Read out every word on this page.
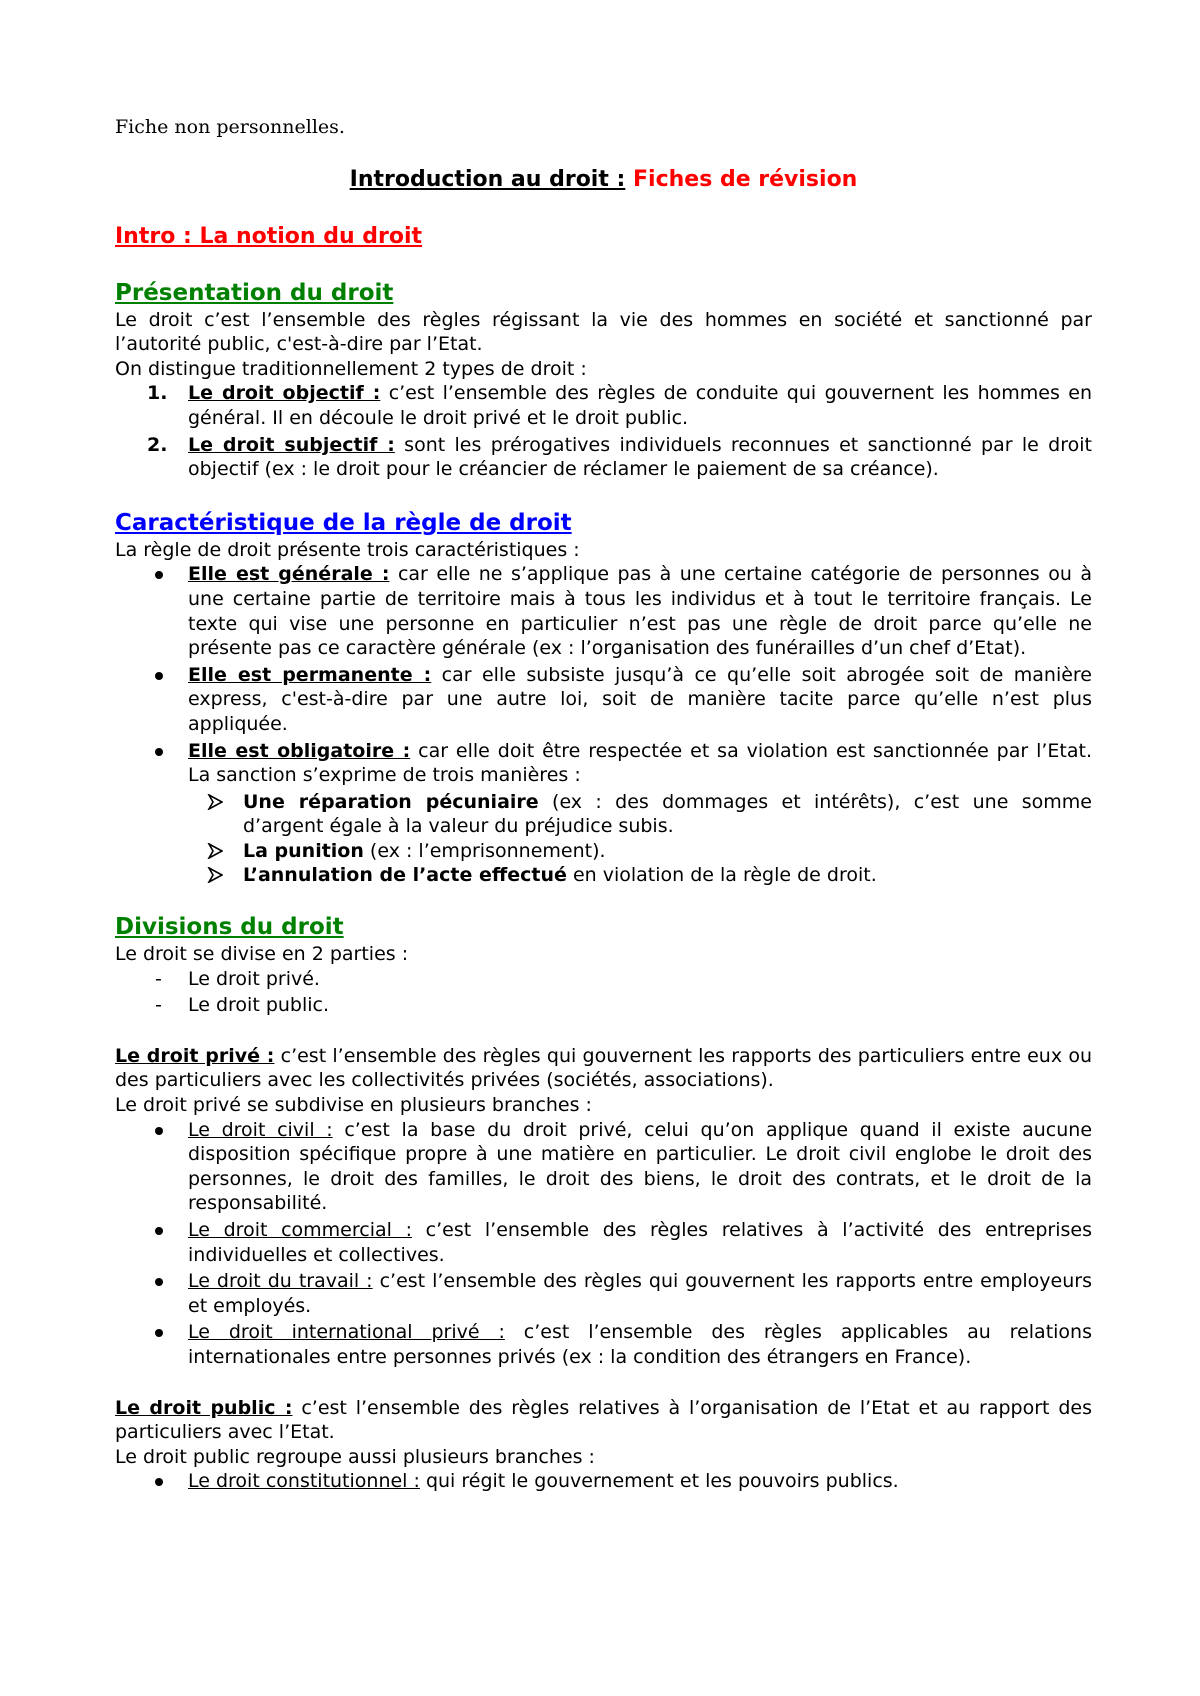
Fiche non personnelles.
Introduction au droit : Fiches de révision
Intro : La notion du droit
Présentation du droit

Le droit c’est l’ensemble des règles régissant la vie des hommes en société et sanctionné par l’autorité public, c'est-à-dire par l’Etat.

On distingue traditionnellement 2 types de droit :

1. Le droit objectif : c’est l’ensemble des règles de conduite qui gouvernent les hommes en général. Il en découle le droit privé et le droit public.
2. Le droit subjectif : sont les prérogatives individuels reconnues et sanctionné par le droit objectif (ex : le droit pour le créancier de réclamer le paiement de sa créance).
Caractéristique de la règle de droit

La règle de droit présente trois caractéristiques :

Elle est générale : car elle ne s’applique pas à une certaine catégorie de personnes ou à une certaine partie de territoire mais à tous les individus et à tout le territoire français. Le texte qui vise une personne en particulier n’est pas une règle de droit parce qu’elle ne présente pas ce caractère générale (ex : l’organisation des funérailles d’un chef d’Etat).
Elle est permanente : car elle subsiste jusqu’à ce qu’elle soit abrogée soit de manière express, c'est-à-dire par une autre loi, soit de manière tacite parce qu’elle n’est plus appliquée.
Elle est obligatoire : car elle doit être respectée et sa violation est sanctionnée par l’Etat. La sanction s’exprime de trois manières :
Une réparation pécuniaire (ex : des dommages et intérêts), c’est une somme d’argent égale à la valeur du préjudice subis.
La punition (ex : l’emprisonnement).
L’annulation de l’acte effectué en violation de la règle de droit.
Divisions du droit

Le droit se divise en 2 parties :

- Le droit privé.
- Le droit public.

Le droit privé : c’est l’ensemble des règles qui gouvernent les rapports des particuliers entre eux ou des particuliers avec les collectivités privées (sociétés, associations).

Le droit privé se subdivise en plusieurs branches :

Le droit civil : c’est la base du droit privé, celui qu’on applique quand il existe aucune disposition spécifique propre à une matière en particulier. Le droit civil englobe le droit des personnes, le droit des familles, le droit des biens, le droit des contrats, et le droit de la responsabilité.
Le droit commercial : c’est l’ensemble des règles relatives à l’activité des entreprises individuelles et collectives.
Le droit du travail : c’est l’ensemble des règles qui gouvernent les rapports entre employeurs et employés.
Le droit international privé : c’est l’ensemble des règles applicables au relations internationales entre personnes privés (ex : la condition des étrangers en France).

Le droit public : c’est l’ensemble des règles relatives à l’organisation de l’Etat et au rapport des particuliers avec l’Etat.

Le droit public regroupe aussi plusieurs branches :

Le droit constitutionnel : qui régit le gouvernement et les pouvoirs publics.
